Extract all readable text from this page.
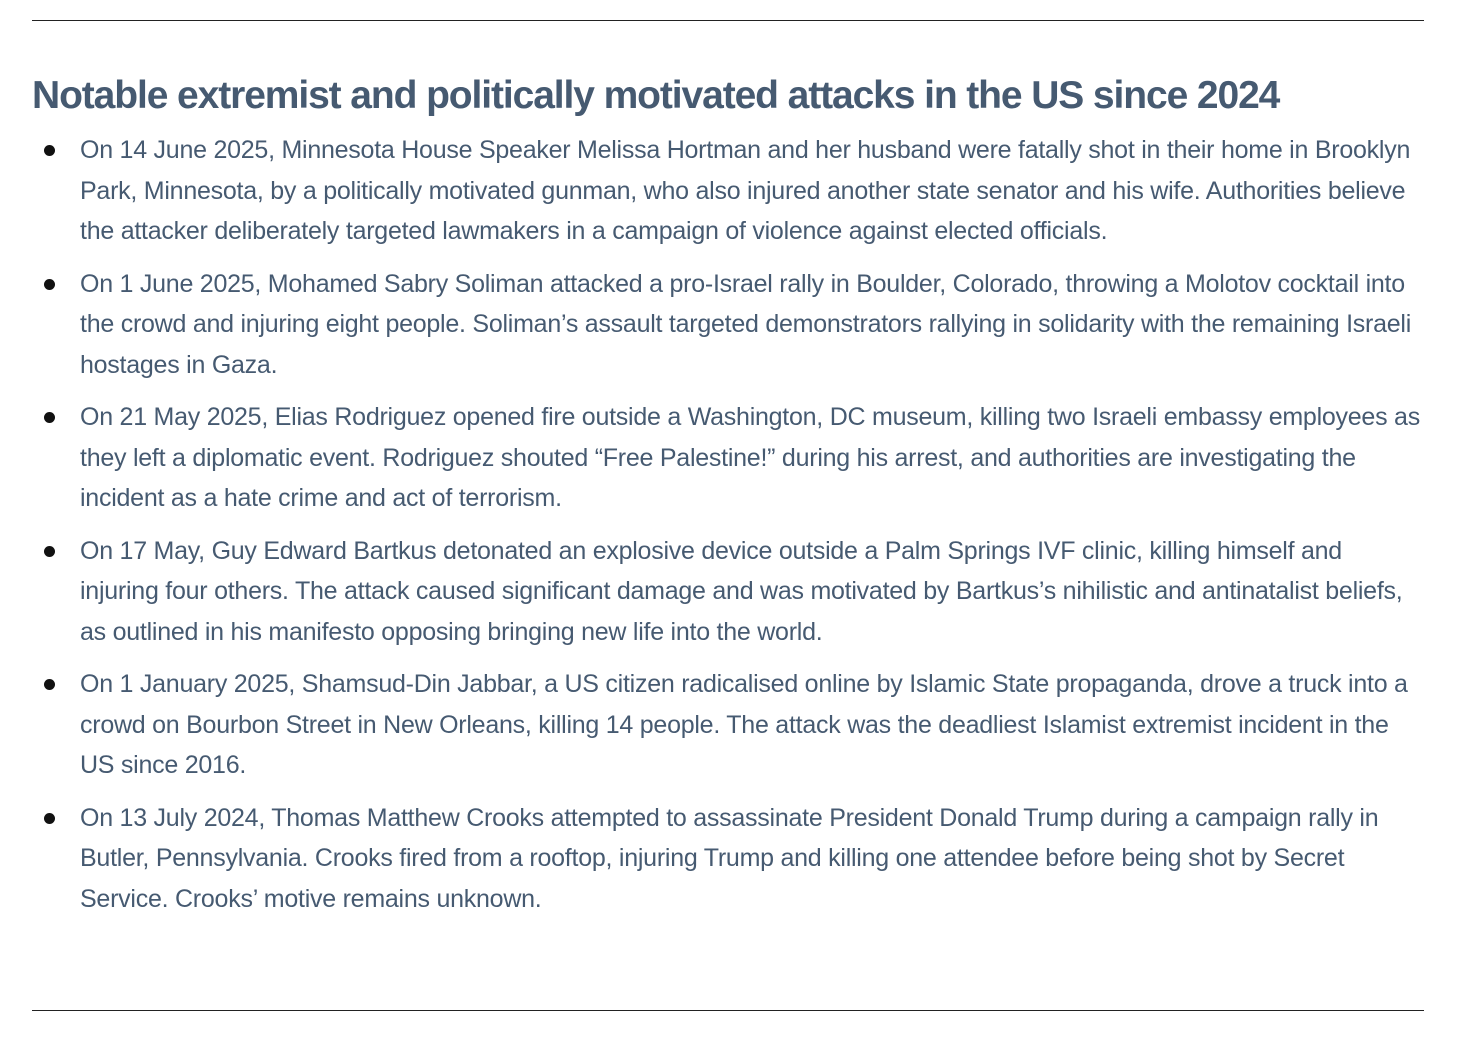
Notable extremist and politically motivated attacks in the US since 2024
On 14 June 2025, Minnesota House Speaker Melissa Hortman and her husband were fatally shot in their home in Brooklyn Park, Minnesota, by a politically motivated gunman, who also injured another state senator and his wife. Authorities believe the attacker deliberately targeted lawmakers in a campaign of violence against elected officials.
On 1 June 2025, Mohamed Sabry Soliman attacked a pro-Israel rally in Boulder, Colorado, throwing a Molotov cocktail into the crowd and injuring eight people. Soliman’s assault targeted demonstrators rallying in solidarity with the remaining Israeli hostages in Gaza.
On 21 May 2025, Elias Rodriguez opened fire outside a Washington, DC museum, killing two Israeli embassy employees as they left a diplomatic event. Rodriguez shouted “Free Palestine!” during his arrest, and authorities are investigating the incident as a hate crime and act of terrorism.
On 17 May, Guy Edward Bartkus detonated an explosive device outside a Palm Springs IVF clinic, killing himself and injuring four others. The attack caused significant damage and was motivated by Bartkus’s nihilistic and antinatalist beliefs, as outlined in his manifesto opposing bringing new life into the world.
On 1 January 2025, Shamsud-Din Jabbar, a US citizen radicalised online by Islamic State propaganda, drove a truck into a crowd on Bourbon Street in New Orleans, killing 14 people. The attack was the deadliest Islamist extremist incident in the US since 2016.
On 13 July 2024, Thomas Matthew Crooks attempted to assassinate President Donald Trump during a campaign rally in Butler, Pennsylvania. Crooks fired from a rooftop, injuring Trump and killing one attendee before being shot by Secret Service. Crooks’ motive remains unknown.
